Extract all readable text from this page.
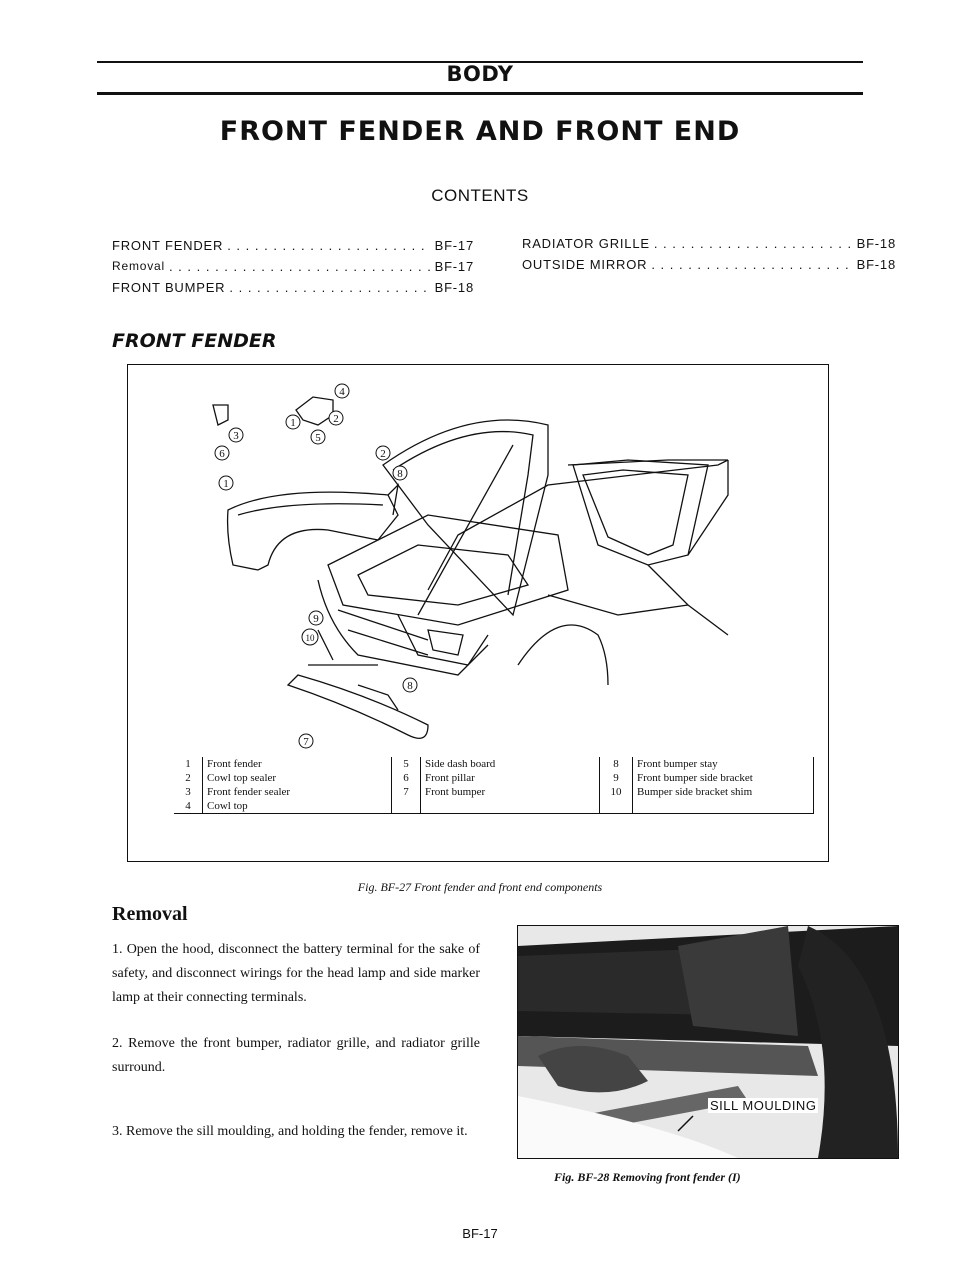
BODY
FRONT FENDER AND FRONT END
CONTENTS
FRONT FENDER . . .	BF-17
Removal . . .	BF-17
FRONT BUMPER . . .	BF-18
RADIATOR GRILLE . . .	BF-18
OUTSIDE MIRROR . . .	BF-18
FRONT FENDER
1
1	2
2
3
4
5
6
7
8
8
9
10
1	Front fender	5	Side dash board	8	Front bumper stay
2	Cowl top sealer	6	Front pillar	9	Front bumper side bracket
3	Front fender sealer	7	Front bumper	10	Bumper side bracket shim
4	Cowl top				
Fig. BF-27 Front fender and front end components
Removal
1. Open the hood, disconnect the battery terminal for the sake of safety, and disconnect wirings for the head lamp and side marker lamp at their connecting terminals.
2. Remove the front bumper, radiator grille, and radiator grille surround.
3. Remove the sill moulding, and holding the fender, remove it.
SILL MOULDING
Fig. BF-28 Removing front fender (I)
BF-17
